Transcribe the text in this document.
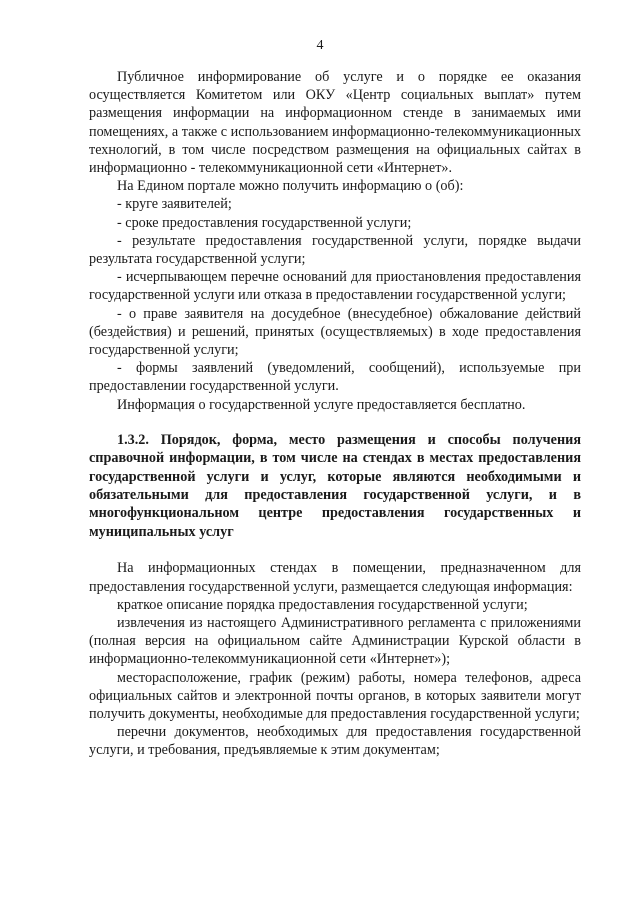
4

Публичное информирование об услуге и о порядке ее оказания осуществляется Комитетом или ОКУ «Центр социальных выплат» путем размещения информации на информационном стенде в занимаемых ими помещениях, а также с использованием информационно-телекоммуникационных технологий, в том числе посредством размещения на официальных сайтах в информационно - телекоммуникационной сети «Интернет».

На Едином портале можно получить информацию о (об):

- круге заявителей;

- сроке предоставления государственной услуги;

- результате предоставления государственной услуги, порядке выдачи результата государственной услуги;

- исчерпывающем перечне оснований для приостановления предоставления государственной услуги или отказа в предоставлении государственной услуги;

- о праве заявителя на досудебное (внесудебное) обжалование действий (бездействия) и решений, принятых (осуществляемых) в ходе предоставления государственной услуги;

- формы заявлений (уведомлений, сообщений), используемые при предоставлении государственной услуги.

Информация о государственной услуге предоставляется бесплатно.

1.3.2. Порядок, форма, место размещения и способы получения справочной информации, в том числе на стендах в местах предоставления государственной услуги и услуг, которые являются необходимыми и обязательными для предоставления государственной услуги, и в многофункциональном центре предоставления государственных и муниципальных услуг

На информационных стендах в помещении, предназначенном для предоставления государственной услуги, размещается следующая информация:

краткое описание порядка предоставления государственной услуги;

извлечения из настоящего Административного регламента с приложениями (полная версия на официальном сайте Администрации Курской области в информационно-телекоммуникационной сети «Интернет»);

месторасположение, график (режим) работы, номера телефонов, адреса официальных сайтов и электронной почты органов, в которых заявители могут получить документы, необходимые для предоставления государственной услуги;

перечни документов, необходимых для предоставления государственной услуги, и требования, предъявляемые к этим документам;
